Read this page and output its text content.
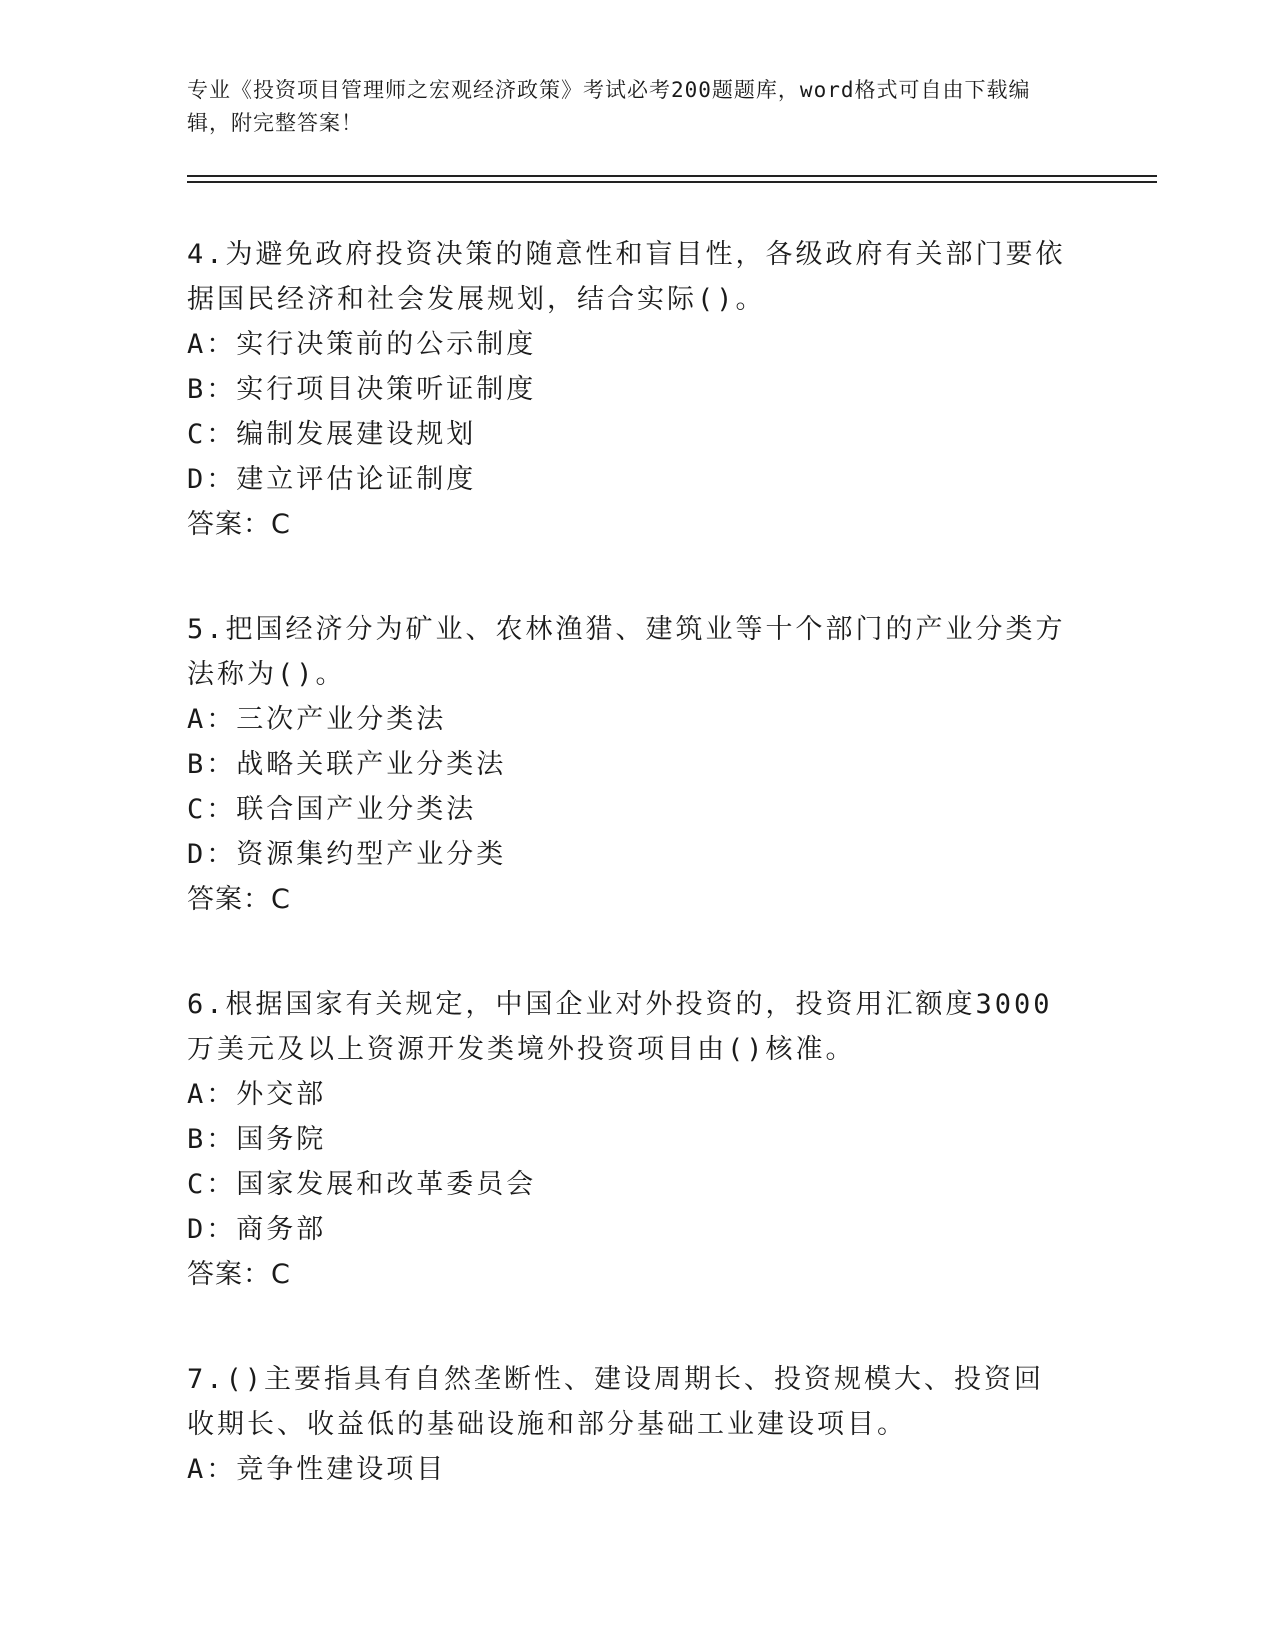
专业《投资项目管理师之宏观经济政策》考试必考200题题库，word格式可自由下载编辑，附完整答案！

4.为避免政府投资决策的随意性和盲目性，各级政府有关部门要依据国民经济和社会发展规划，结合实际()。

A：实行决策前的公示制度

B：实行项目决策听证制度

C：编制发展建设规划

D：建立评估论证制度

答案：C

5.把国经济分为矿业、农林渔猎、建筑业等十个部门的产业分类方法称为()。

A：三次产业分类法

B：战略关联产业分类法

C：联合国产业分类法

D：资源集约型产业分类

答案：C

6.根据国家有关规定，中国企业对外投资的，投资用汇额度3000万美元及以上资源开发类境外投资项目由()核准。

A：外交部

B：国务院

C：国家发展和改革委员会

D：商务部

答案：C

7.()主要指具有自然垄断性、建设周期长、投资规模大、投资回收期长、收益低的基础设施和部分基础工业建设项目。

A：竞争性建设项目
